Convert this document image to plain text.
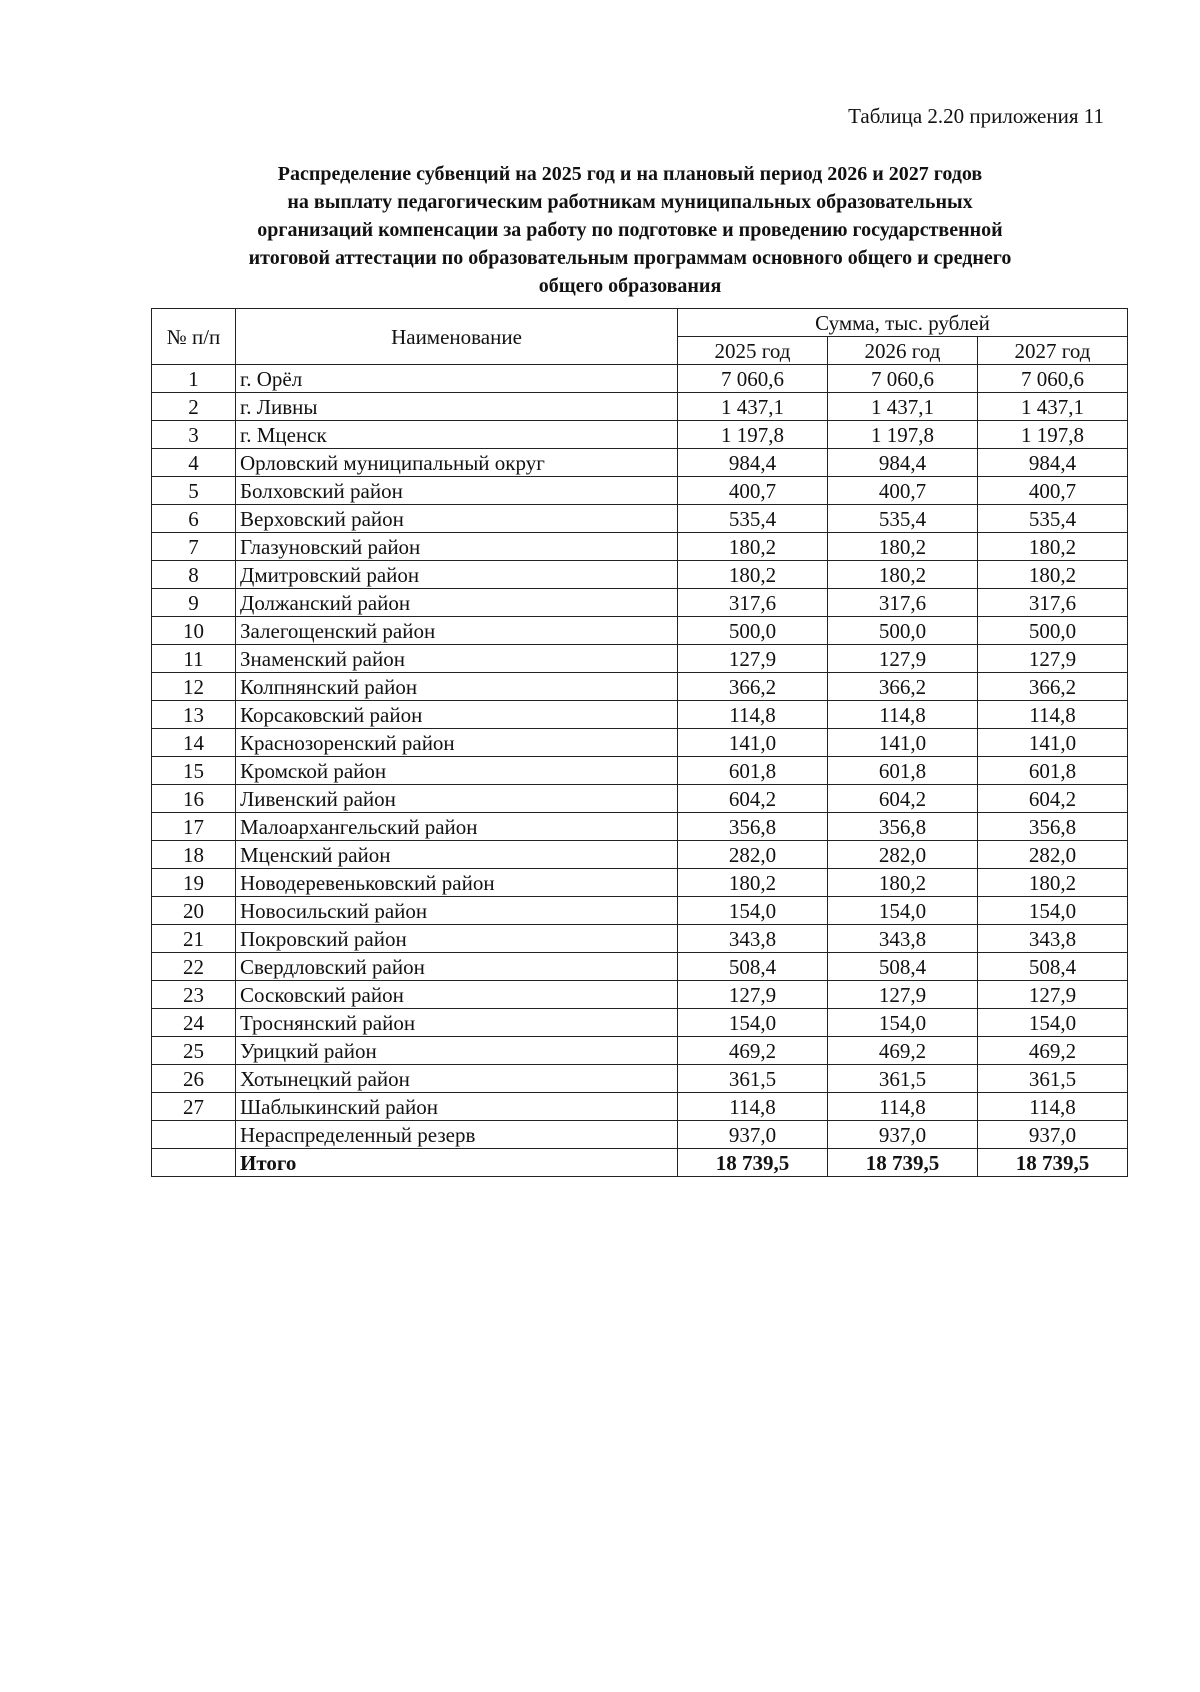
Таблица 2.20 приложения 11

Распределение субвенций на 2025 год и на плановый период 2026 и 2027 годов
на выплату педагогическим работникам муниципальных образовательных
организаций компенсации за работу по подготовке и проведению государственной
итоговой аттестации по образовательным программам основного общего и среднего
общего образования
№ п/п	Наименование	Сумма, тыс. рублей		
		2025 год	2026 год	2027 год
1	г. Орёл	7 060,6	7 060,6	7 060,6
2	г. Ливны	1 437,1	1 437,1	1 437,1
3	г. Мценск	1 197,8	1 197,8	1 197,8
4	Орловский муниципальный округ	984,4	984,4	984,4
5	Болховский район	400,7	400,7	400,7
6	Верховский район	535,4	535,4	535,4
7	Глазуновский район	180,2	180,2	180,2
8	Дмитровский район	180,2	180,2	180,2
9	Должанский район	317,6	317,6	317,6
10	Залегощенский район	500,0	500,0	500,0
11	Знаменский район	127,9	127,9	127,9
12	Колпнянский район	366,2	366,2	366,2
13	Корсаковский район	114,8	114,8	114,8
14	Краснозоренский район	141,0	141,0	141,0
15	Кромской район	601,8	601,8	601,8
16	Ливенский район	604,2	604,2	604,2
17	Малоархангельский район	356,8	356,8	356,8
18	Мценский район	282,0	282,0	282,0
19	Новодеревеньковский район	180,2	180,2	180,2
20	Новосильский район	154,0	154,0	154,0
21	Покровский район	343,8	343,8	343,8
22	Свердловский район	508,4	508,4	508,4
23	Сосковский район	127,9	127,9	127,9
24	Троснянский район	154,0	154,0	154,0
25	Урицкий район	469,2	469,2	469,2
26	Хотынецкий район	361,5	361,5	361,5
27	Шаблыкинский район	114,8	114,8	114,8
	Нераспределенный резерв	937,0	937,0	937,0
	Итого	18 739,5	18 739,5	18 739,5
